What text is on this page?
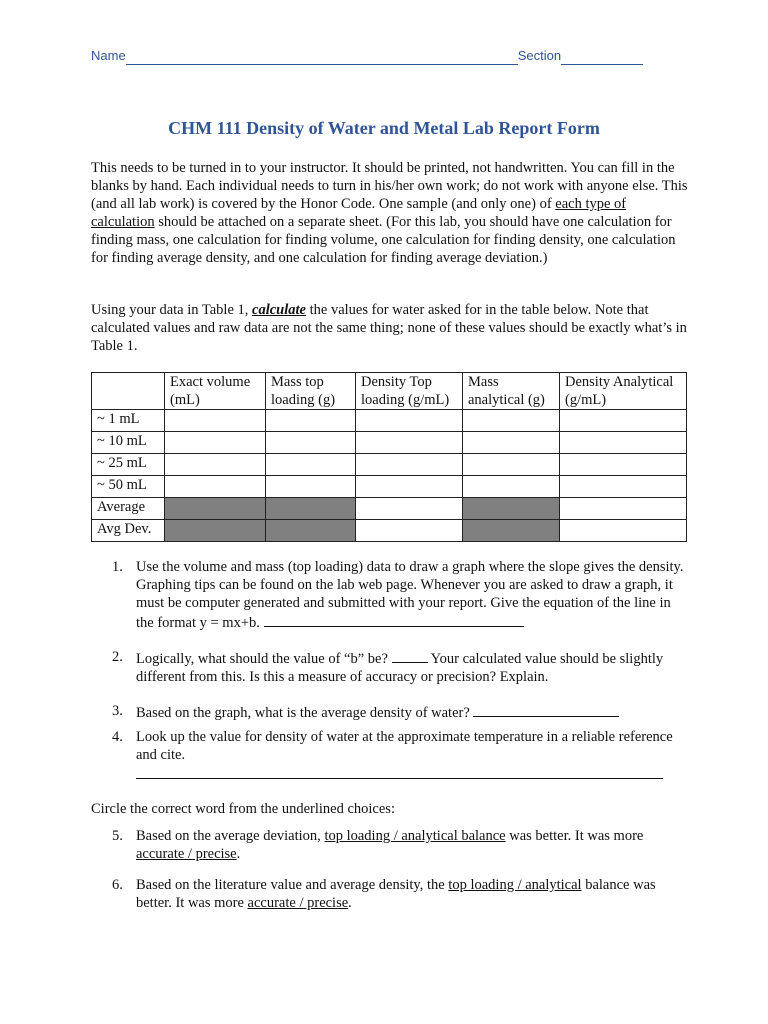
Name	Section
CHM 111 Density of Water and Metal Lab Report Form

This needs to be turned in to your instructor. It should be printed, not handwritten. You can fill in the blanks by hand. Each individual needs to turn in his/her own work; do not work with anyone else. This (and all lab work) is covered by the Honor Code. One sample (and only one) of each type of calculation should be attached on a separate sheet. (For this lab, you should have one calculation for finding mass, one calculation for finding volume, one calculation for finding density, one calculation for finding average density, and one calculation for finding average deviation.)

Using your data in Table 1, calculate the values for water asked for in the table below. Note that calculated values and raw data are not the same thing; none of these values should be exactly what’s in Table 1.

	Exact volume (mL)	Mass top loading (g)	Density Top loading (g/mL)	Mass analytical (g)	Density Analytical (g/mL)
~ 1 mL					
~ 10 mL					
~ 25 mL					
~ 50 mL					
Average					
Avg Dev.					
1. Use the volume and mass (top loading) data to draw a graph where the slope gives the density. Graphing tips can be found on the lab web page. Whenever you are asked to draw a graph, it must be computer generated and submitted with your report. Give the equation of the line in the format y = mx+b.
2. Logically, what should the value of “b” be?  Your calculated value should be slightly different from this. Is this a measure of accuracy or precision? Explain.
3. Based on the graph, what is the average density of water?
4. Look up the value for density of water at the approximate temperature in a reliable reference and cite.

Circle the correct word from the underlined choices:

5. Based on the average deviation, top loading / analytical balance was better. It was more accurate / precise.
6. Based on the literature value and average density, the top loading / analytical balance was better. It was more accurate / precise.
